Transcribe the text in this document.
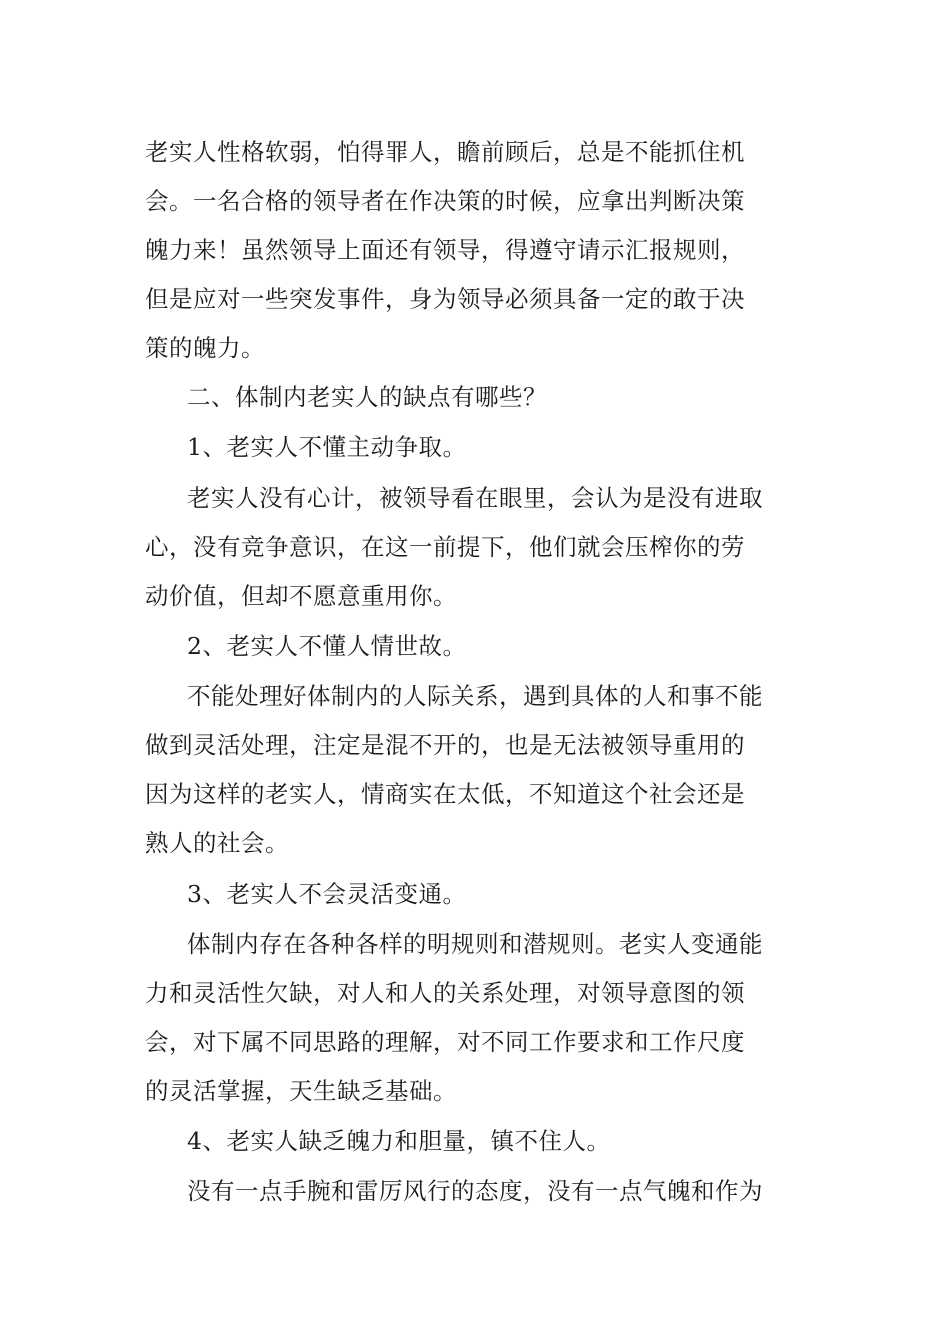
老实人性格软弱，怕得罪人，瞻前顾后，总是不能抓住机
会。一名合格的领导者在作决策的时候，应拿出判断决策
魄力来！虽然领导上面还有领导，得遵守请示汇报规则，
但是应对一些突发事件，身为领导必须具备一定的敢于决
策的魄力。
二、体制内老实人的缺点有哪些？
1、老实人不懂主动争取。
老实人没有心计，被领导看在眼里，会认为是没有进取
心，没有竞争意识，在这一前提下，他们就会压榨你的劳
动价值，但却不愿意重用你。
2、老实人不懂人情世故。
不能处理好体制内的人际关系，遇到具体的人和事不能
做到灵活处理，注定是混不开的，也是无法被领导重用的
因为这样的老实人，情商实在太低，不知道这个社会还是
熟人的社会。
3、老实人不会灵活变通。
体制内存在各种各样的明规则和潜规则。老实人变通能
力和灵活性欠缺，对人和人的关系处理，对领导意图的领
会，对下属不同思路的理解，对不同工作要求和工作尺度
的灵活掌握，天生缺乏基础。
4、老实人缺乏魄力和胆量，镇不住人。
没有一点手腕和雷厉风行的态度，没有一点气魄和作为
